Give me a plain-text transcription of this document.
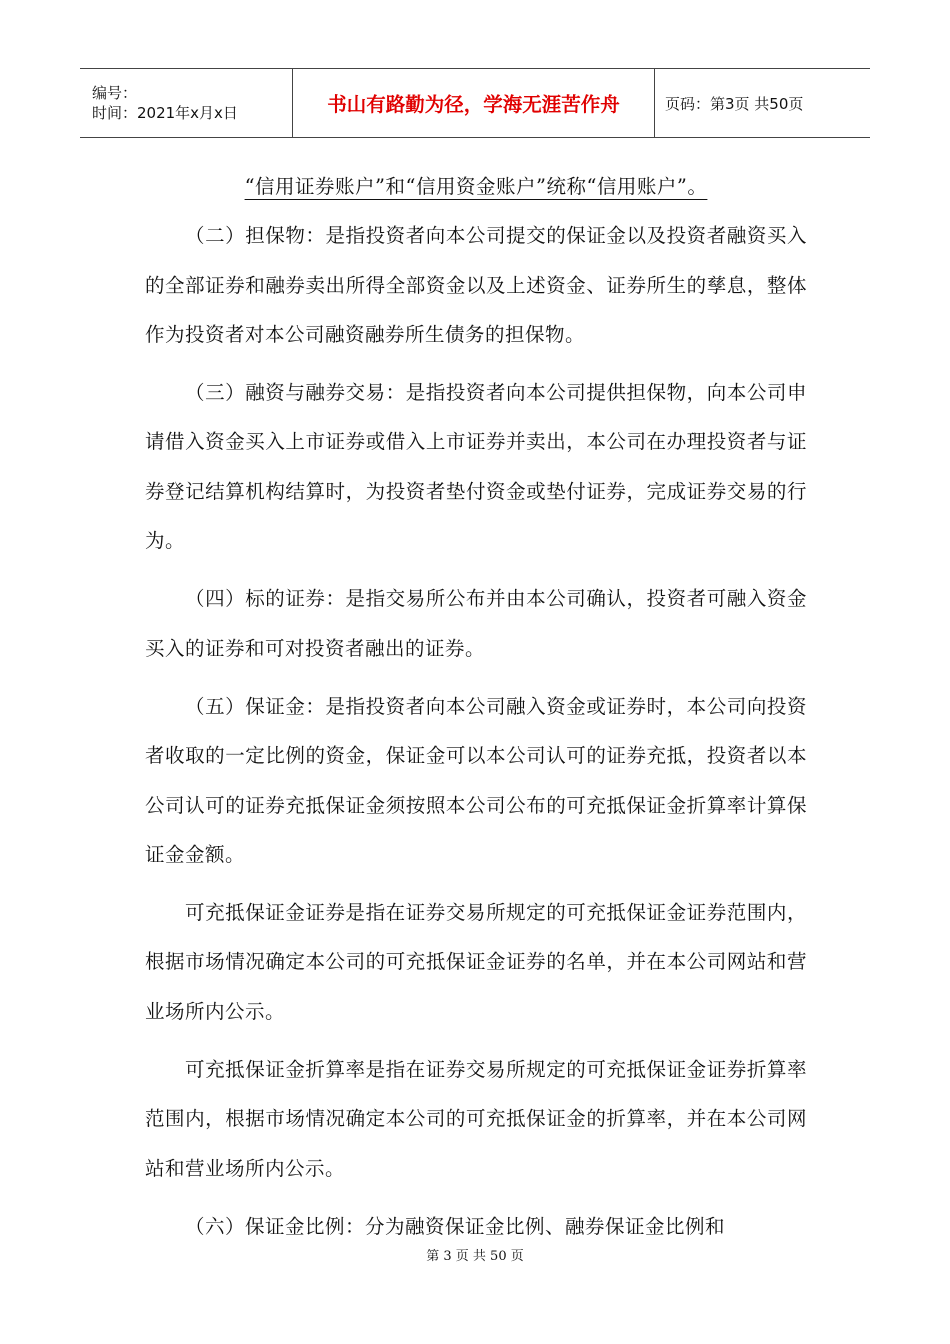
编号：
时间：2021年x月x日	书山有路勤为径，学海无涯苦作舟	页码：第3页 共50页

“信用证券账户”和“信用资金账户”统称“信用账户”。

（二）担保物：是指投资者向本公司提交的保证金以及投资者融资买入的全部证券和融券卖出所得全部资金以及上述资金、证券所生的孳息，整体作为投资者对本公司融资融券所生债务的担保物。

（三）融资与融券交易：是指投资者向本公司提供担保物，向本公司申请借入资金买入上市证券或借入上市证券并卖出，本公司在办理投资者与证券登记结算机构结算时，为投资者垫付资金或垫付证券，完成证券交易的行为。

（四）标的证券：是指交易所公布并由本公司确认，投资者可融入资金买入的证券和可对投资者融出的证券。

（五）保证金：是指投资者向本公司融入资金或证券时，本公司向投资者收取的一定比例的资金，保证金可以本公司认可的证券充抵，投资者以本公司认可的证券充抵保证金须按照本公司公布的可充抵保证金折算率计算保证金金额。

可充抵保证金证券是指在证券交易所规定的可充抵保证金证券范围内，根据市场情况确定本公司的可充抵保证金证券的名单，并在本公司网站和营业场所内公示。

可充抵保证金折算率是指在证券交易所规定的可充抵保证金证券折算率范围内，根据市场情况确定本公司的可充抵保证金的折算率，并在本公司网站和营业场所内公示。

（六）保证金比例：分为融资保证金比例、融券保证金比例和

第 3 页 共 50 页
